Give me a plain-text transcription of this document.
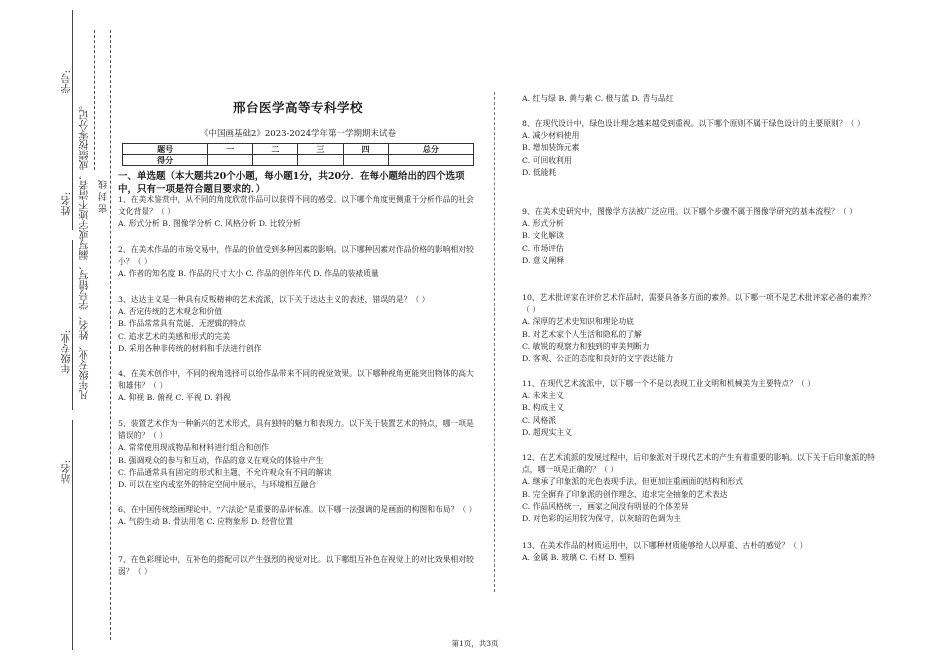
学号:
姓名:
年级专业:
站名:
凡年级专业、姓名、学号错写、漏写或字迹不清者，成绩按零分记。 密 封 线
邢台医学高等专科学校
《中国画基础2》2023-2024学年第一学期期末试卷
题号	一	二	三	四	总分
得分					
一、单选题（本大题共20个小题，每小题1分，共20分．在每小题给出的四个选项中，只有一项是符合题目要求的．）
1、在美术鉴赏中，从不同的角度欣赏作品可以获得不同的感受。以下哪个角度更侧重于分析作品的社会文化背景？（ ）
A. 形式分析 B. 图像学分析 C. 风格分析 D. 比较分析
2、在美术作品的市场交易中，作品的价值受到多种因素的影响。以下哪种因素对作品价格的影响相对较小？（ ）
A. 作者的知名度 B. 作品的尺寸大小 C. 作品的创作年代 D. 作品的装裱质量
3、达达主义是一种具有反叛精神的艺术流派，以下关于达达主义的表述，错误的是？（ ）
A. 否定传统的艺术观念和价值
B. 作品常常具有荒诞、无逻辑的特点
C. 追求艺术的美感和形式的完美
D. 采用各种非传统的材料和手法进行创作
4、在美术创作中，不同的视角选择可以给作品带来不同的视觉效果。以下哪种视角更能突出物体的高大和雄伟？（ ）
A. 仰视 B. 俯视 C. 平视 D. 斜视
5、装置艺术作为一种新兴的艺术形式，具有独特的魅力和表现力。以下关于装置艺术的特点，哪一项是错误的？（ ）
A. 常常使用现成物品和材料进行组合和创作
B. 强调观众的参与和互动，作品的意义在观众的体验中产生
C. 作品通常具有固定的形式和主题，不允许观众有不同的解读
D. 可以在室内或室外的特定空间中展示，与环境相互融合
6、在中国传统绘画理论中，“六法论”是重要的品评标准。以下哪一法强调的是画面的构图和布局？（ ）
A. 气韵生动 B. 骨法用笔 C. 应物象形 D. 经营位置
7、在色彩理论中，互补色的搭配可以产生强烈的视觉对比。以下哪组互补色在视觉上的对比效果相对较弱？（ ）
A. 红与绿 B. 黄与紫 C. 橙与蓝 D. 青与品红
8、在现代设计中，绿色设计理念越来越受到重视。以下哪个原则不属于绿色设计的主要原则？（ ）
A. 减少材料使用
B. 增加装饰元素
C. 可回收利用
D. 低能耗
9、在美术史研究中，图像学方法被广泛应用。以下哪个步骤不属于图像学研究的基本流程？（ ）
A. 形式分析
B. 文化解读
C. 市场评估
D. 意义阐释
10、艺术批评家在评价艺术作品时，需要具备多方面的素养。以下哪一项不是艺术批评家必备的素养？（ ）
A. 深厚的艺术史知识和理论功底
B. 对艺术家个人生活和隐私的了解
C. 敏锐的观察力和独到的审美判断力
D. 客观、公正的态度和良好的文字表达能力
11、在现代艺术流派中，以下哪一个不是以表现工业文明和机械美为主要特点？（ ）
A. 未来主义
B. 构成主义
C. 风格派
D. 超现实主义
12、在艺术流派的发展过程中，后印象派对于现代艺术的产生有着重要的影响。以下关于后印象派的特点，哪一项是正确的？（ ）
A. 继承了印象派的光色表现手法，但更加注重画面的结构和形式
B. 完全摒弃了印象派的创作理念，追求完全抽象的艺术表达
C. 作品风格统一，画家之间没有明显的个体差异
D. 对色彩的运用较为保守，以灰暗的色调为主
13、在美术作品的材质运用中，以下哪种材质能够给人以厚重、古朴的感觉？（ ）
A. 金属 B. 玻璃 C. 石材 D. 塑料
第1页，共3页
